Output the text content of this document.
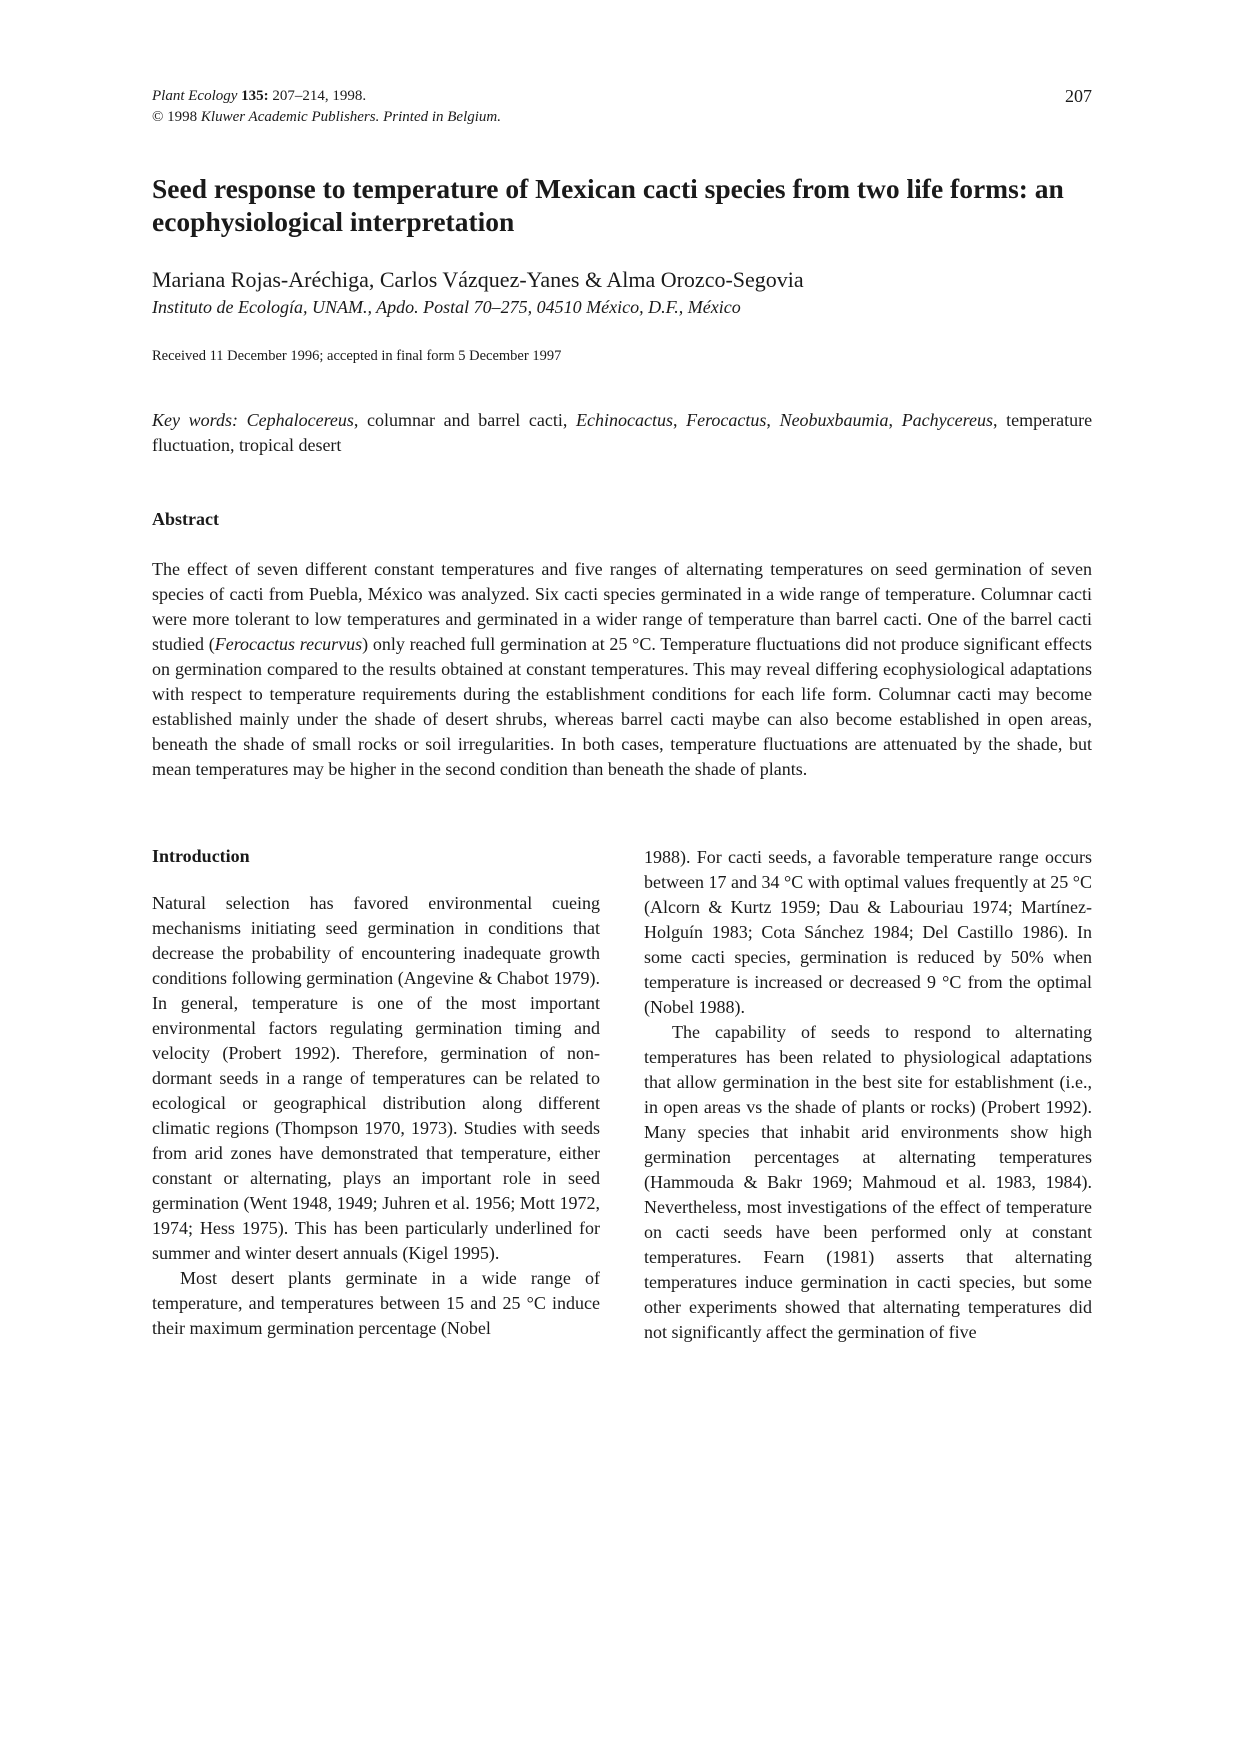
Plant Ecology 135: 207–214, 1998.
© 1998 Kluwer Academic Publishers. Printed in Belgium.
207
Seed response to temperature of Mexican cacti species from two life forms: an ecophysiological interpretation
Mariana Rojas-Aréchiga, Carlos Vázquez-Yanes & Alma Orozco-Segovia
Instituto de Ecología, UNAM., Apdo. Postal 70–275, 04510 México, D.F., México
Received 11 December 1996; accepted in final form 5 December 1997
Key words: Cephalocereus, columnar and barrel cacti, Echinocactus, Ferocactus, Neobuxbaumia, Pachycereus, temperature fluctuation, tropical desert
Abstract

The effect of seven different constant temperatures and five ranges of alternating temperatures on seed germination of seven species of cacti from Puebla, México was analyzed. Six cacti species germinated in a wide range of temperature. Columnar cacti were more tolerant to low temperatures and germinated in a wider range of temperature than barrel cacti. One of the barrel cacti studied (Ferocactus recurvus) only reached full germination at 25 °C. Temperature fluctuations did not produce significant effects on germination compared to the results obtained at constant temperatures. This may reveal differing ecophysiological adaptations with respect to temperature requirements during the establishment conditions for each life form. Columnar cacti may become established mainly under the shade of desert shrubs, whereas barrel cacti maybe can also become established in open areas, beneath the shade of small rocks or soil irregularities. In both cases, temperature fluctuations are attenuated by the shade, but mean temperatures may be higher in the second condition than beneath the shade of plants.

Introduction

Natural selection has favored environmental cueing mechanisms initiating seed germination in conditions that decrease the probability of encountering inadequate growth conditions following germination (Angevine & Chabot 1979). In general, temperature is one of the most important environmental factors regulating germination timing and velocity (Probert 1992). Therefore, germination of non-dormant seeds in a range of temperatures can be related to ecological or geographical distribution along different climatic regions (Thompson 1970, 1973). Studies with seeds from arid zones have demonstrated that temperature, either constant or alternating, plays an important role in seed germination (Went 1948, 1949; Juhren et al. 1956; Mott 1972, 1974; Hess 1975). This has been particularly underlined for summer and winter desert annuals (Kigel 1995).

Most desert plants germinate in a wide range of temperature, and temperatures between 15 and 25 °C induce their maximum germination percentage (Nobel

1988). For cacti seeds, a favorable temperature range occurs between 17 and 34 °C with optimal values frequently at 25 °C (Alcorn & Kurtz 1959; Dau & Labouriau 1974; Martínez-Holguín 1983; Cota Sánchez 1984; Del Castillo 1986). In some cacti species, germination is reduced by 50% when temperature is increased or decreased 9 °C from the optimal (Nobel 1988).

The capability of seeds to respond to alternating temperatures has been related to physiological adaptations that allow germination in the best site for establishment (i.e., in open areas vs the shade of plants or rocks) (Probert 1992). Many species that inhabit arid environments show high germination percentages at alternating temperatures (Hammouda & Bakr 1969; Mahmoud et al. 1983, 1984). Nevertheless, most investigations of the effect of temperature on cacti seeds have been performed only at constant temperatures. Fearn (1981) asserts that alternating temperatures induce germination in cacti species, but some other experiments showed that alternating temperatures did not significantly affect the germination of five
